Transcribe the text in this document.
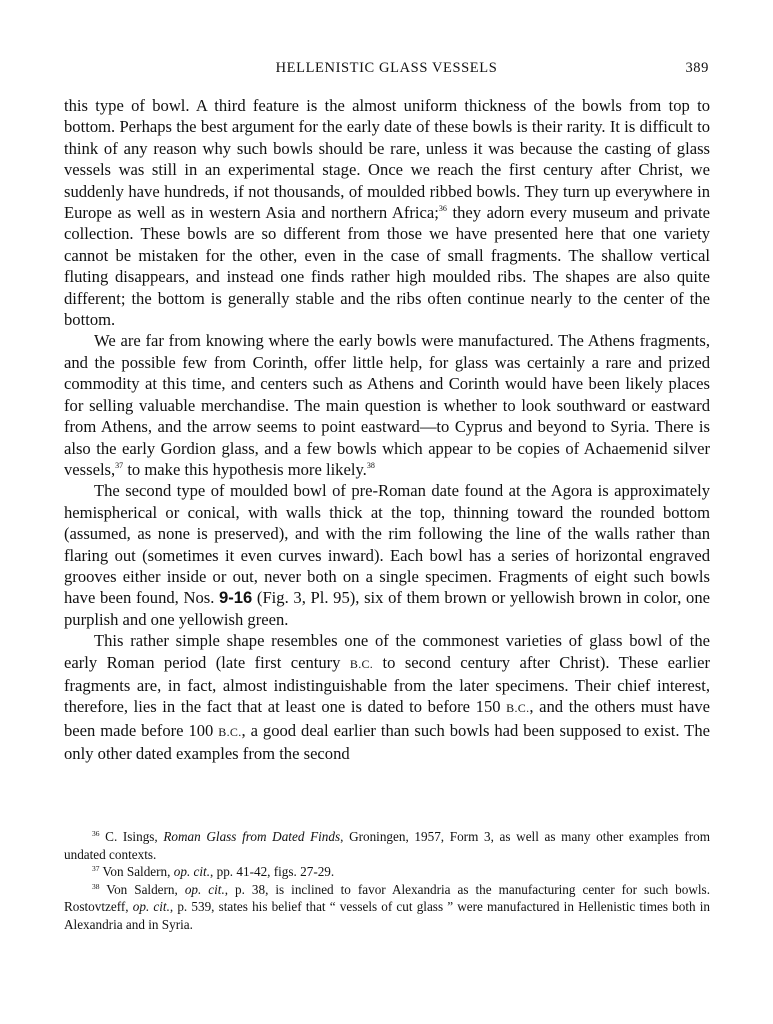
HELLENISTIC GLASS VESSELS	389

this type of bowl. A third feature is the almost uniform thickness of the bowls from top to bottom. Perhaps the best argument for the early date of these bowls is their rarity. It is difficult to think of any reason why such bowls should be rare, unless it was because the casting of glass vessels was still in an experimental stage. Once we reach the first century after Christ, we suddenly have hundreds, if not thousands, of moulded ribbed bowls. They turn up everywhere in Europe as well as in western Asia and northern Africa;$^{36}$ they adorn every museum and private collection. These bowls are so different from those we have presented here that one variety cannot be mistaken for the other, even in the case of small fragments. The shallow vertical fluting disappears, and instead one finds rather high moulded ribs. The shapes are also quite different; the bottom is generally stable and the ribs often continue nearly to the center of the bottom.

We are far from knowing where the early bowls were manufactured. The Athens fragments, and the possible few from Corinth, offer little help, for glass was certainly a rare and prized commodity at this time, and centers such as Athens and Corinth would have been likely places for selling valuable merchandise. The main question is whether to look southward or eastward from Athens, and the arrow seems to point eastward—to Cyprus and beyond to Syria. There is also the early Gordion glass, and a few bowls which appear to be copies of Achaemenid silver vessels,$^{37}$ to make this hypothesis more likely.$^{38}$

The second type of moulded bowl of pre-Roman date found at the Agora is approximately hemispherical or conical, with walls thick at the top, thinning toward the rounded bottom (assumed, as none is preserved), and with the rim following the line of the walls rather than flaring out (sometimes it even curves inward). Each bowl has a series of horizontal engraved grooves either inside or out, never both on a single specimen. Fragments of eight such bowls have been found, Nos. 9-16 (Fig. 3, Pl. 95), six of them brown or yellowish brown in color, one purplish and one yellowish green.

This rather simple shape resembles one of the commonest varieties of glass bowl of the early Roman period (late first century B.C. to second century after Christ). These earlier fragments are, in fact, almost indistinguishable from the later specimens. Their chief interest, therefore, lies in the fact that at least one is dated to before 150 B.C., and the others must have been made before 100 B.C., a good deal earlier than such bowls had been supposed to exist. The only other dated examples from the second

$^{36}$ C. Isings, Roman Glass from Dated Finds, Groningen, 1957, Form 3, as well as many other examples from undated contexts.

$^{37}$ Von Saldern, op. cit., pp. 41-42, figs. 27-29.

$^{38}$ Von Saldern, op. cit., p. 38, is inclined to favor Alexandria as the manufacturing center for such bowls. Rostovtzeff, op. cit., p. 539, states his belief that “ vessels of cut glass ” were manufactured in Hellenistic times both in Alexandria and in Syria.
